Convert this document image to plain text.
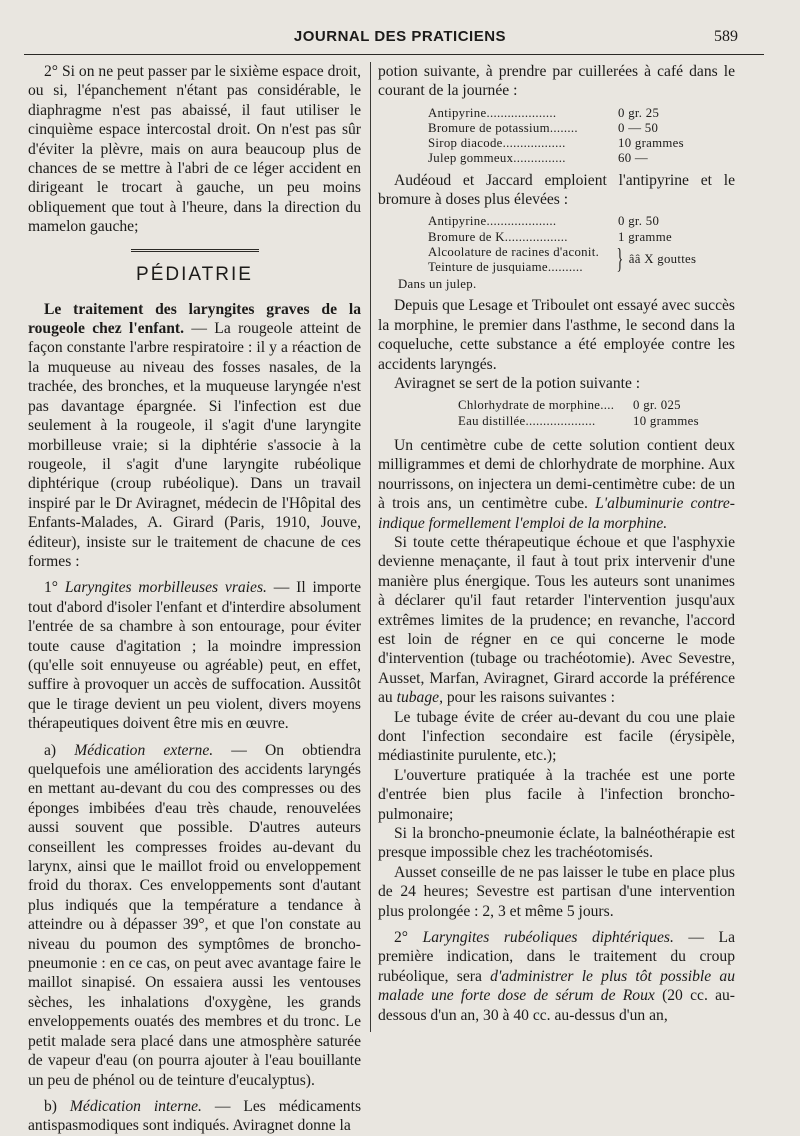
JOURNAL DES PRATICIENS	589

2° Si on ne peut passer par le sixième espace droit, ou si, l'épanchement n'étant pas considérable, le diaphragme n'est pas abaissé, il faut utiliser le cinquième espace intercostal droit. On n'est pas sûr d'éviter la plèvre, mais on aura beaucoup plus de chances de se mettre à l'abri de ce léger accident en dirigeant le trocart à gauche, un peu moins obliquement que tout à l'heure, dans la direction du mamelon gauche;

PÉDIATRIE

Le traitement des laryngites graves de la rougeole chez l'enfant. — La rougeole atteint de façon constante l'arbre respiratoire : il y a réaction de la muqueuse au niveau des fosses nasales, de la trachée, des bronches, et la muqueuse laryngée n'est pas davantage épargnée. Si l'infection est due seulement à la rougeole, il s'agit d'une laryngite morbilleuse vraie; si la diphtérie s'associe à la rougeole, il s'agit d'une laryngite rubéolique diphtérique (croup rubéolique). Dans un travail inspiré par le Dr Aviragnet, médecin de l'Hôpital des Enfants-Malades, A. Girard (Paris, 1910, Jouve, éditeur), insiste sur le traitement de chacune de ces formes :

1° Laryngites morbilleuses vraies. — Il importe tout d'abord d'isoler l'enfant et d'interdire absolument l'entrée de sa chambre à son entourage, pour éviter toute cause d'agitation ; la moindre impression (qu'elle soit ennuyeuse ou agréable) peut, en effet, suffire à provoquer un accès de suffocation. Aussitôt que le tirage devient un peu violent, divers moyens thérapeutiques doivent être mis en œuvre.

a) Médication externe. — On obtiendra quelquefois une amélioration des accidents laryngés en mettant au-devant du cou des compresses ou des éponges imbibées d'eau très chaude, renouvelées aussi souvent que possible. D'autres auteurs conseillent les compresses froides au-devant du larynx, ainsi que le maillot froid ou enveloppement froid du thorax. Ces enveloppements sont d'autant plus indiqués que la température a tendance à atteindre ou à dépasser 39°, et que l'on constate au niveau du poumon des symptômes de broncho-pneumonie : en ce cas, on peut avec avantage faire le maillot sinapisé. On essaiera aussi les ventouses sèches, les inhalations d'oxygène, les grands enveloppements ouatés des membres et du tronc. Le petit malade sera placé dans une atmosphère saturée de vapeur d'eau (on pourra ajouter à l'eau bouillante un peu de phénol ou de teinture d'eucalyptus).

b) Médication interne. — Les médicaments antispasmodiques sont indiqués. Aviragnet donne la

potion suivante, à prendre par cuillerées à café dans le courant de la journée :

Antipyrine....................	0 gr. 25
Bromure de potassium........	0 — 50
Sirop diacode..................	10 grammes
Julep gommeux...............	60 —

Audéoud et Jaccard emploient l'antipyrine et le bromure à doses plus élevées :

Antipyrine....................	0 gr. 50
Bromure de K..................	1 gramme
Alcoolature de racines d'aconit.
Teinture de jusquiame..........	} ââ X gouttes
Dans un julep.

Depuis que Lesage et Triboulet ont essayé avec succès la morphine, le premier dans l'asthme, le second dans la coqueluche, cette substance a été employée contre les accidents laryngés.

Aviragnet se sert de la potion suivante :

Chlorhydrate de morphine....	0 gr. 025
Eau distillée....................	10 grammes

Un centimètre cube de cette solution contient deux milligrammes et demi de chlorhydrate de morphine. Aux nourrissons, on injectera un demi-centimètre cube: de un à trois ans, un centimètre cube. L'albuminurie contre-indique formellement l'emploi de la morphine.

Si toute cette thérapeutique échoue et que l'asphyxie devienne menaçante, il faut à tout prix intervenir d'une manière plus énergique. Tous les auteurs sont unanimes à déclarer qu'il faut retarder l'intervention jusqu'aux extrêmes limites de la prudence; en revanche, l'accord est loin de régner en ce qui concerne le mode d'intervention (tubage ou trachéotomie). Avec Sevestre, Ausset, Marfan, Aviragnet, Girard accorde la préférence au tubage, pour les raisons suivantes :

Le tubage évite de créer au-devant du cou une plaie dont l'infection secondaire est facile (érysipèle, médiastinite purulente, etc.);

L'ouverture pratiquée à la trachée est une porte d'entrée bien plus facile à l'infection broncho-pulmonaire;

Si la broncho-pneumonie éclate, la balnéothérapie est presque impossible chez les trachéotomisés.

Ausset conseille de ne pas laisser le tube en place plus de 24 heures; Sevestre est partisan d'une intervention plus prolongée : 2, 3 et même 5 jours.

2° Laryngites rubéoliques diphtériques. — La première indication, dans le traitement du croup rubéolique, sera d'administrer le plus tôt possible au malade une forte dose de sérum de Roux (20 cc. au-dessous d'un an, 30 à 40 cc. au-dessus d'un an,
